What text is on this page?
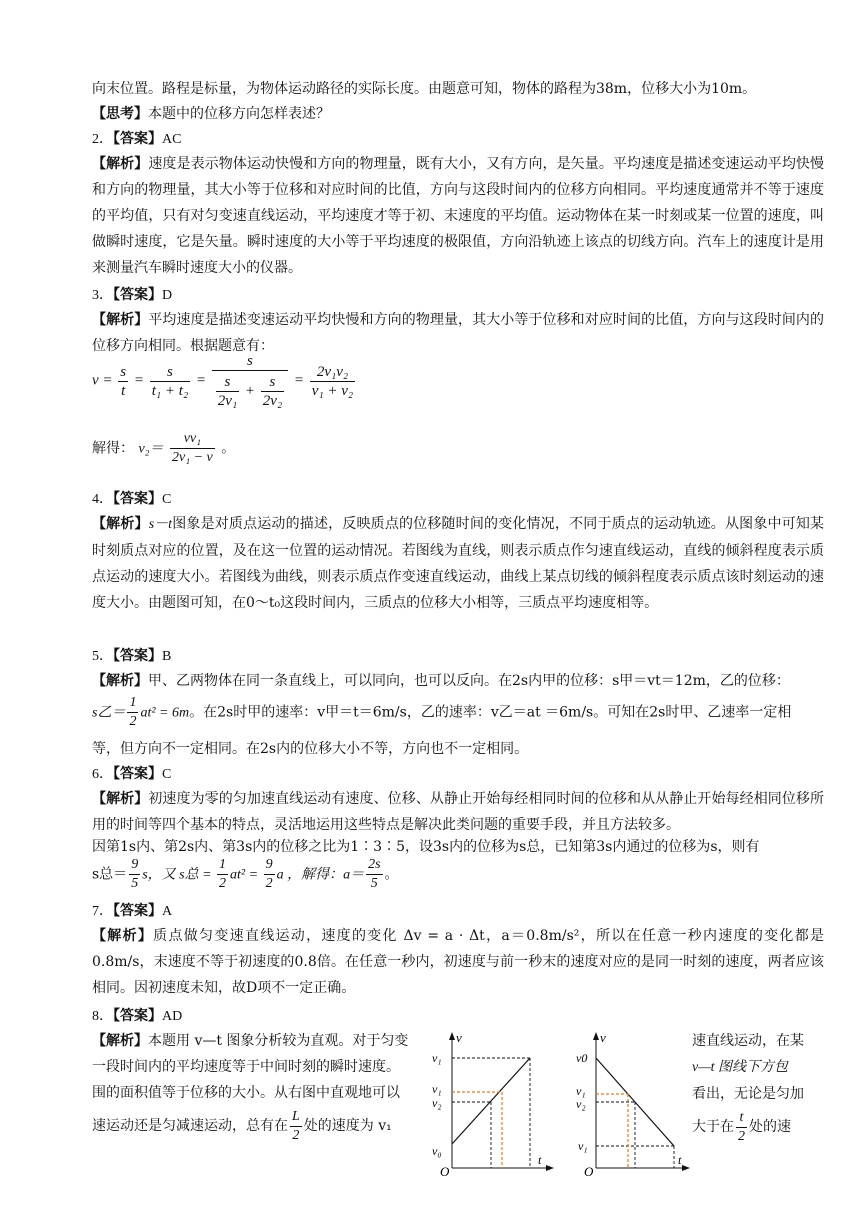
向末位置。路程是标量，为物体运动路径的实际长度。由题意可知，物体的路程为38m，位移大小为10m。

【思考】本题中的位移方向怎样表述？

2．【答案】AC

【解析】速度是表示物体运动快慢和方向的物理量，既有大小，又有方向，是矢量。平均速度是描述变速运动平均快慢和方向的物理量，其大小等于位移和对应时间的比值，方向与这段时间内的位移方向相同。平均速度通常并不等于速度的平均值，只有对匀变速直线运动，平均速度才等于初、末速度的平均值。运动物体在某一时刻或某一位置的速度，叫做瞬时速度，它是矢量。瞬时速度的大小等于平均速度的极限值，方向沿轨迹上该点的切线方向。汽车上的速度计是用来测量汽车瞬时速度大小的仪器。

3．【答案】D

【解析】平均速度是描述变速运动平均快慢和方向的物理量，其大小等于位移和对应时间的比值，方向与这段时间内的位移方向相同。根据题意有：

$v = \frac{s}{t} = \frac{s}{\text{t₁ + t₂}} = \frac{s}{\frac{s}{\text{2v₁}} + \frac{s}{\text{2v₂}}} = \frac{\text{2v₁v₂}}{\text{v₁ + v₂}}$
解得： $v_2= \frac{\text{vv₁}}{\text{2v₁ − v}}$ 。

4．【答案】C

【解析】s－t图象是对质点运动的描述，反映质点的位移随时间的变化情况，不同于质点的运动轨迹。从图象中可知某时刻质点对应的位置，及在这一位置的运动情况。若图线为直线，则表示质点作匀速直线运动，直线的倾斜程度表示质点运动的速度大小。若图线为曲线，则表示质点作变速直线运动，曲线上某点切线的倾斜程度表示质点该时刻运动的速度大小。由题图可知，在0～t₀这段时间内，三质点的位移大小相等，三质点平均速度相等。

5．【答案】B

【解析】甲、乙两物体在同一条直线上，可以同向，也可以反向。在2s内甲的位移：s甲＝vt＝12m，乙的位移：

s乙＝ $\frac{1}{2} at^2 = 6m$。在2s时甲的速率：v甲＝t＝6m/s，乙的速率：v乙＝at ＝6m/s。可知在2s时甲、乙速率一定相

等，但方向不一定相同。在2s内的位移大小不等，方向也不一定相同。

6．【答案】C

【解析】初速度为零的匀加速直线运动有速度、位移、从静止开始每经相同时间的位移和从从静止开始每经相同位移所用的时间等四个基本的特点，灵活地运用这些特点是解决此类问题的重要手段，并且方法较多。

因第1s内、第2s内、第3s内的位移之比为1∶3∶5，设3s内的位移为s总，已知第3s内通过的位移为s，则有

s总＝ $\frac{9}{5}$ s，又 s总 = $\frac{1}{2} at^2 = \frac{9}{2}$ a ，解得：$a= \frac{2s}{5}$ 。

7．【答案】A

【解析】质点做匀变速直线运动，速度的变化 Δv = a · Δt，a＝0.8m/s²，所以在任意一秒内速度的变化都是0.8m/s，末速度不等于初速度的0.8倍。在任意一秒内，初速度与前一秒末的速度对应的是同一时刻的速度，两者应该相同。因初速度未知，故D项不一定正确。

8．【答案】AD

【解析】本题用 v—t 图象分析较为直观。对于匀变

一段时间内的平均速度等于中间时刻的瞬时速度。

围的面积值等于位移的大小。从右图中直观地可以

速运动还是匀减速运动，总有在 $\frac{L}{2}$ 处的速度为 v₁

速直线运动，在某

v—t 图线下方包

看出，无论是匀加

大于在 $\frac{t}{2}$ 处的速

v
v₁
v₁
v₂
v₀
O
t
v
v0
v₁
v₂
v₁
O
t
